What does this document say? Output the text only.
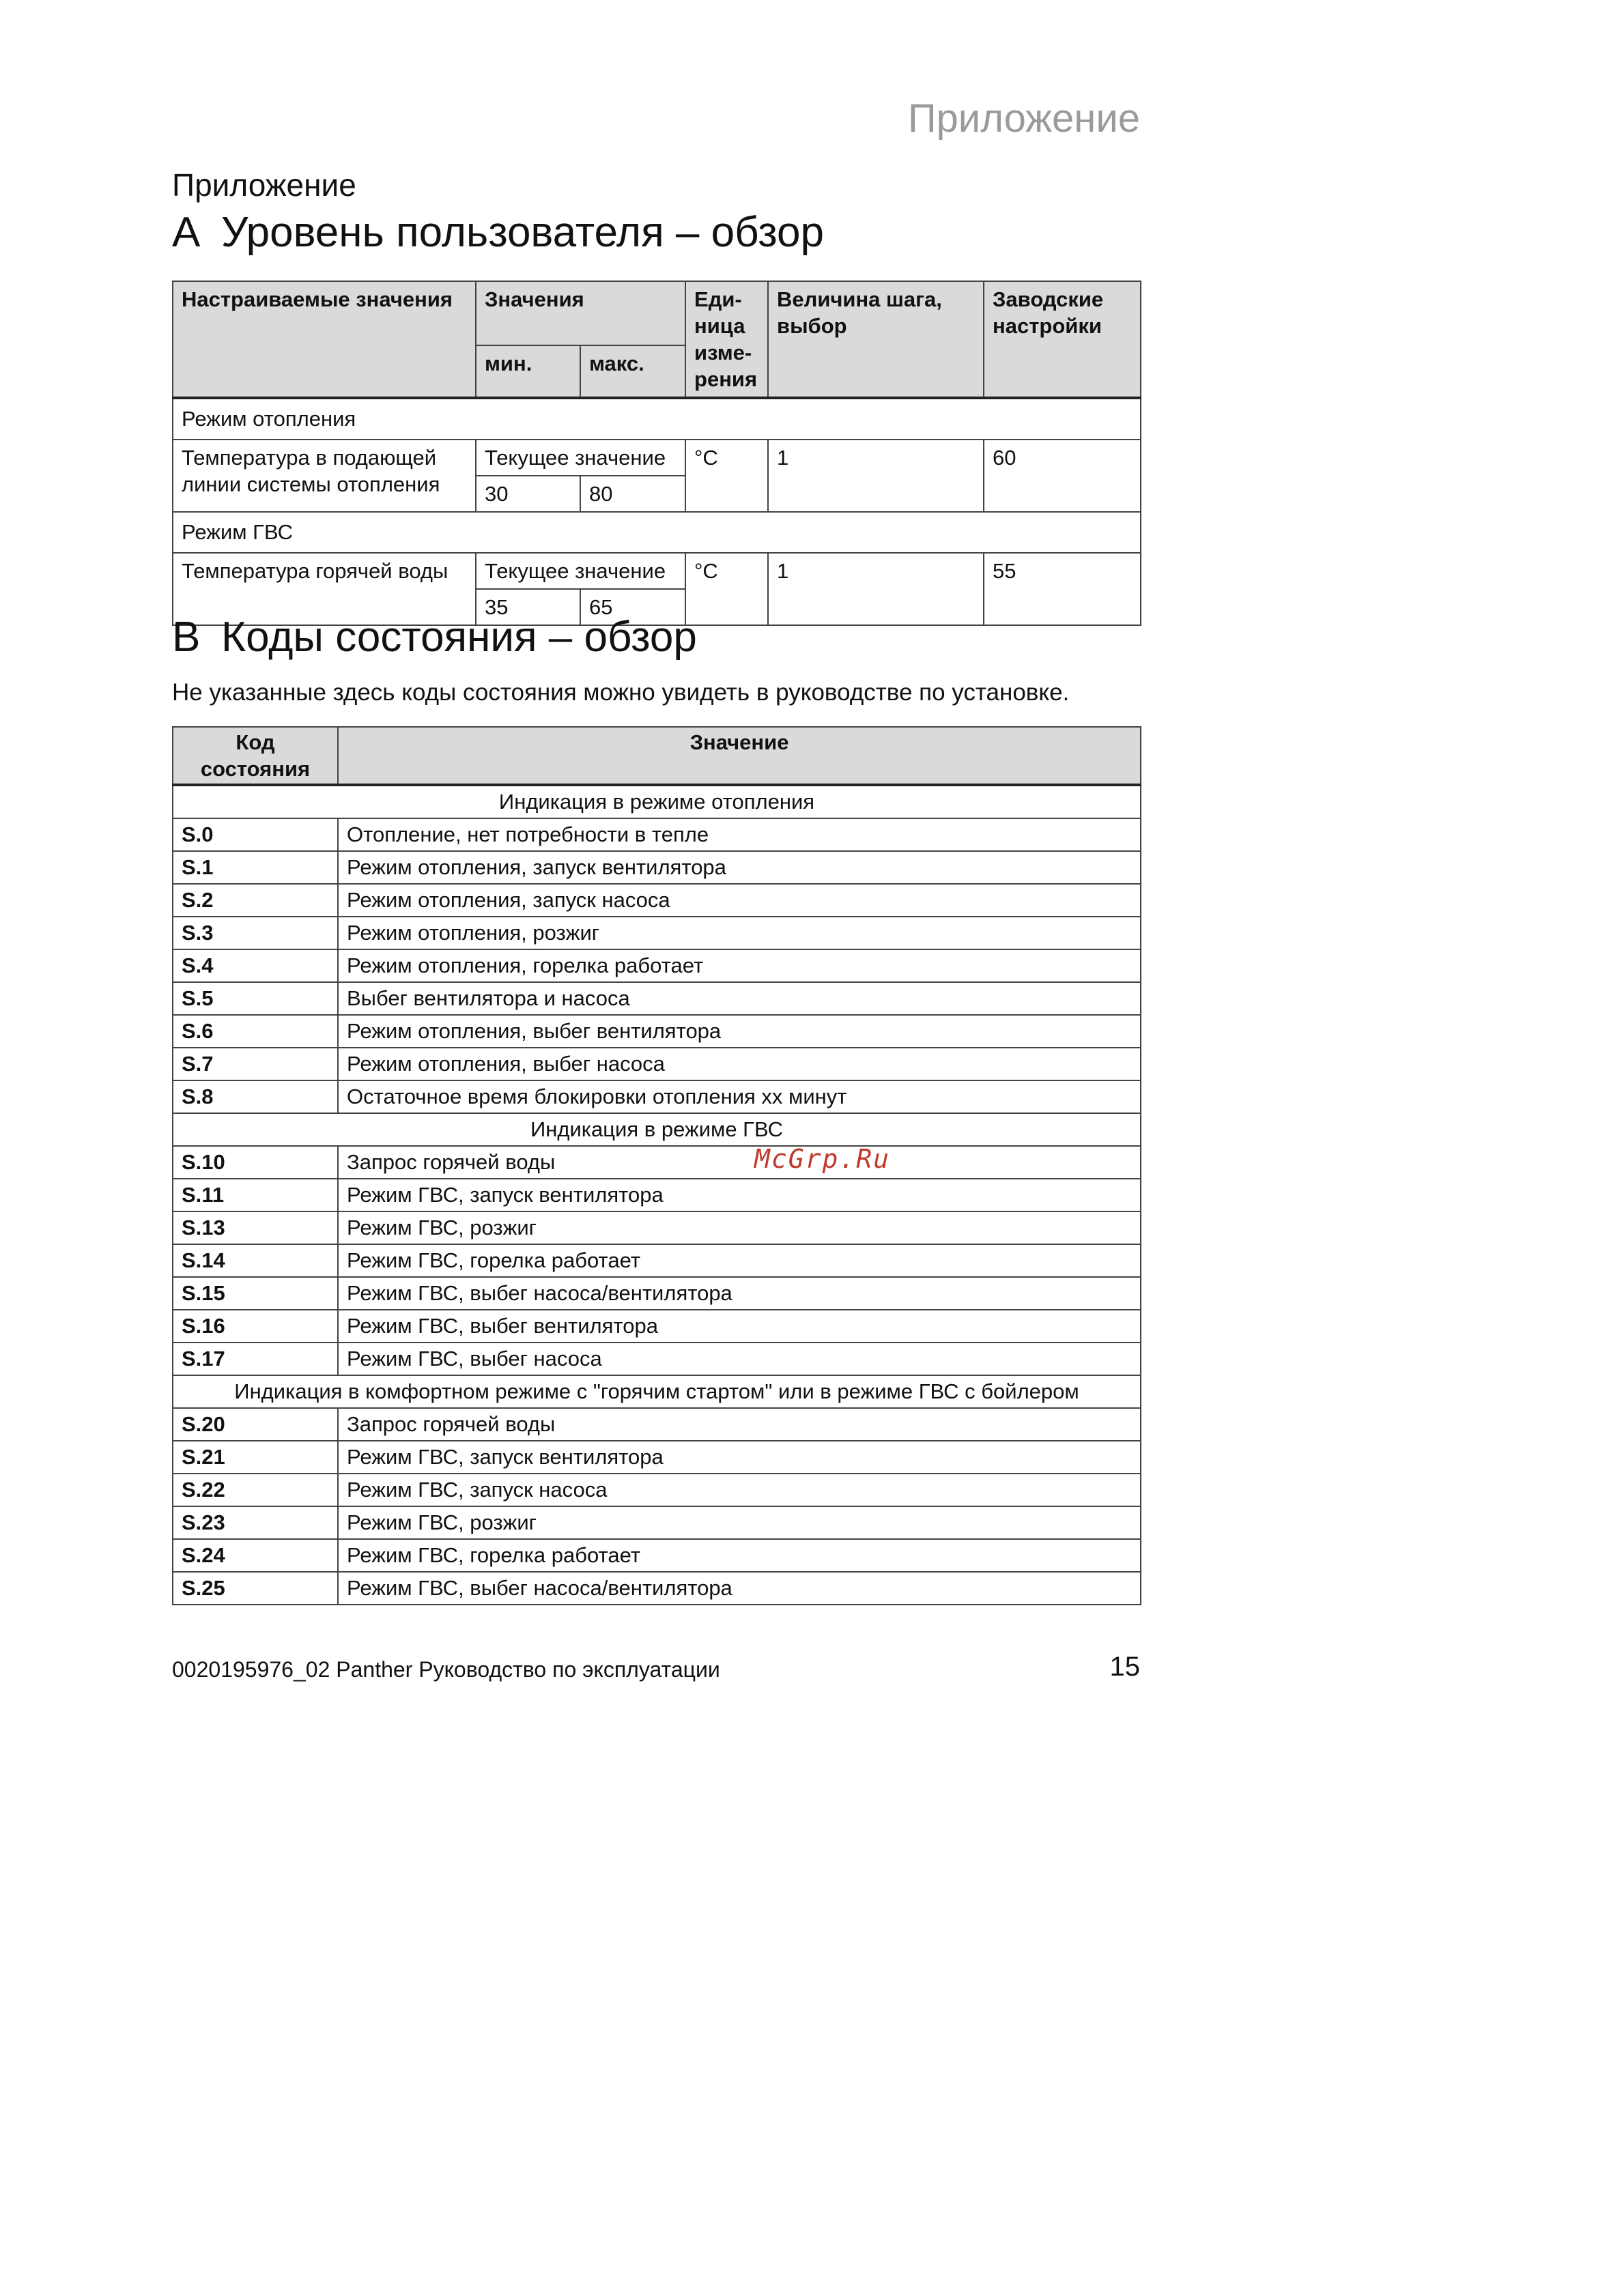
Приложение
Приложение
A Уровень пользователя – обзор
Настраиваемые значения	Значения		Еди-ница изме-рения	Величина шага, выбор	Заводские настройки
	мин.	макс.			
Режим отопления					
Температура в подающей линии системы отопления	Текущее значение		°C	1	60
	30	80			
Режим ГВС					
Температура горячей воды	Текущее значение		°C	1	55
	35	65			
B Коды состояния – обзор
Не указанные здесь коды состояния можно увидеть в руководстве по установке.
Код состояния	Значение
Индикация в режиме отопления	
S.0	Отопление, нет потребности в тепле
S.1	Режим отопления, запуск вентилятора
S.2	Режим отопления, запуск насоса
S.3	Режим отопления, розжиг
S.4	Режим отопления, горелка работает
S.5	Выбег вентилятора и насоса
S.6	Режим отопления, выбег вентилятора
S.7	Режим отопления, выбег насоса
S.8	Остаточное время блокировки отопления xx минут
Индикация в режиме ГВС	
S.10	Запрос горячей воды
S.11	Режим ГВС, запуск вентилятора
S.13	Режим ГВС, розжиг
S.14	Режим ГВС, горелка работает
S.15	Режим ГВС, выбег насоса/вентилятора
S.16	Режим ГВС, выбег вентилятора
S.17	Режим ГВС, выбег насоса
Индикация в комфортном режиме с "горячим стартом" или в режиме ГВС с бойлером	
S.20	Запрос горячей воды
S.21	Режим ГВС, запуск вентилятора
S.22	Режим ГВС, запуск насоса
S.23	Режим ГВС, розжиг
S.24	Режим ГВС, горелка работает
S.25	Режим ГВС, выбег насоса/вентилятора
McGrp.Ru
0020195976_02 Panther Руководство по эксплуатации	15
